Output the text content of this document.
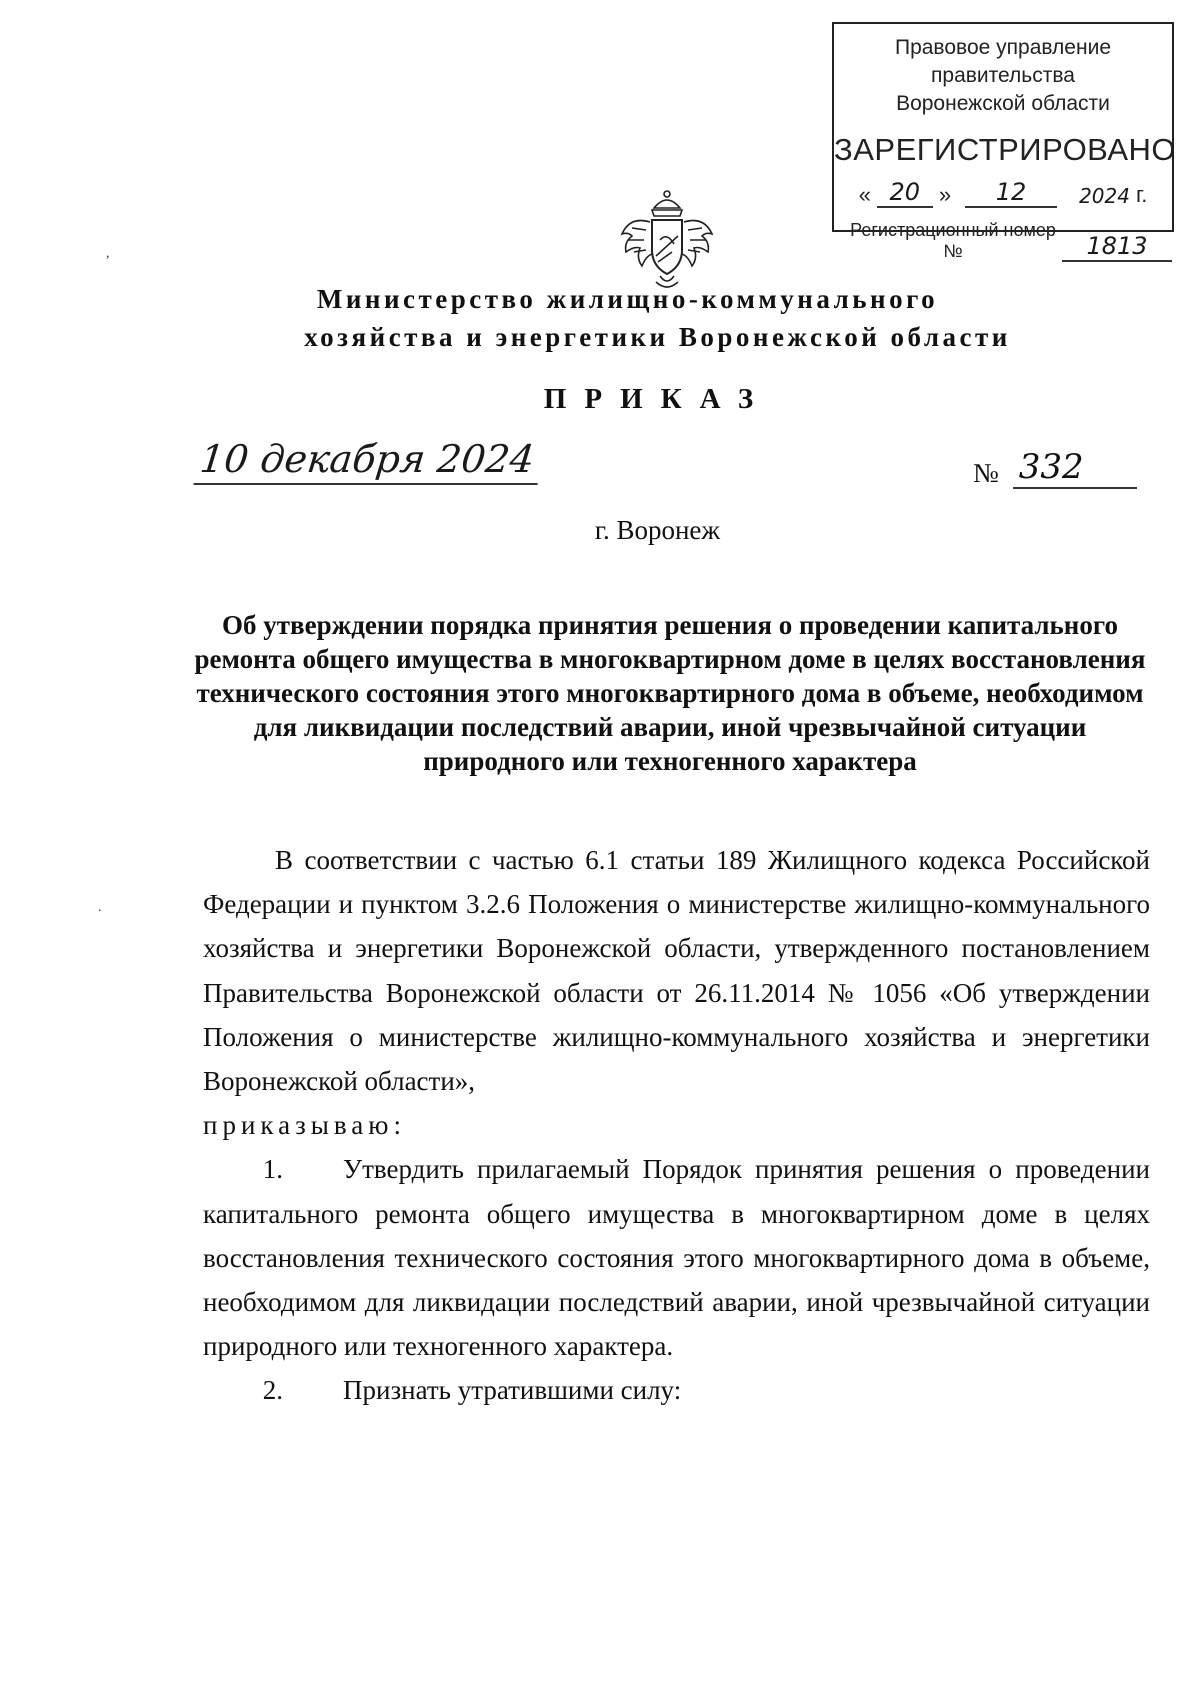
Правовое управление правительства
Воронежской области
ЗАРЕГИСТРИРОВАНО
« 20 »	12	2024 г.
Регистрационный номер №	1813
,
.
Министерство жилищно-коммунального
хозяйства и энергетики Воронежской области
ПРИКАЗ
10 декабря 2024	№ 332
г. Воронеж
Об утверждении порядка принятия решения о проведении капитального ремонта общего имущества в многоквартирном доме в целях восстановления технического состояния этого многоквартирного дома в объеме, необходимом для ликвидации последствий аварии, иной чрезвычайной ситуации природного или техногенного характера

В соответствии с частью 6.1 статьи 189 Жилищного кодекса Российской Федерации и пунктом 3.2.6 Положения о министерстве жилищно-коммунального хозяйства и энергетики Воронежской области, утвержденного постановлением Правительства Воронежской области от 26.11.2014 № 1056 «Об утверждении Положения о министерстве жилищно-коммунального хозяйства и энергетики Воронежской области»,

приказываю:

1. Утвердить прилагаемый Порядок принятия решения о проведении капитального ремонта общего имущества в многоквартирном доме в целях восстановления технического состояния этого многоквартирного дома в объеме, необходимом для ликвидации последствий аварии, иной чрезвычайной ситуации природного или техногенного характера.

2. Признать утратившими силу:
